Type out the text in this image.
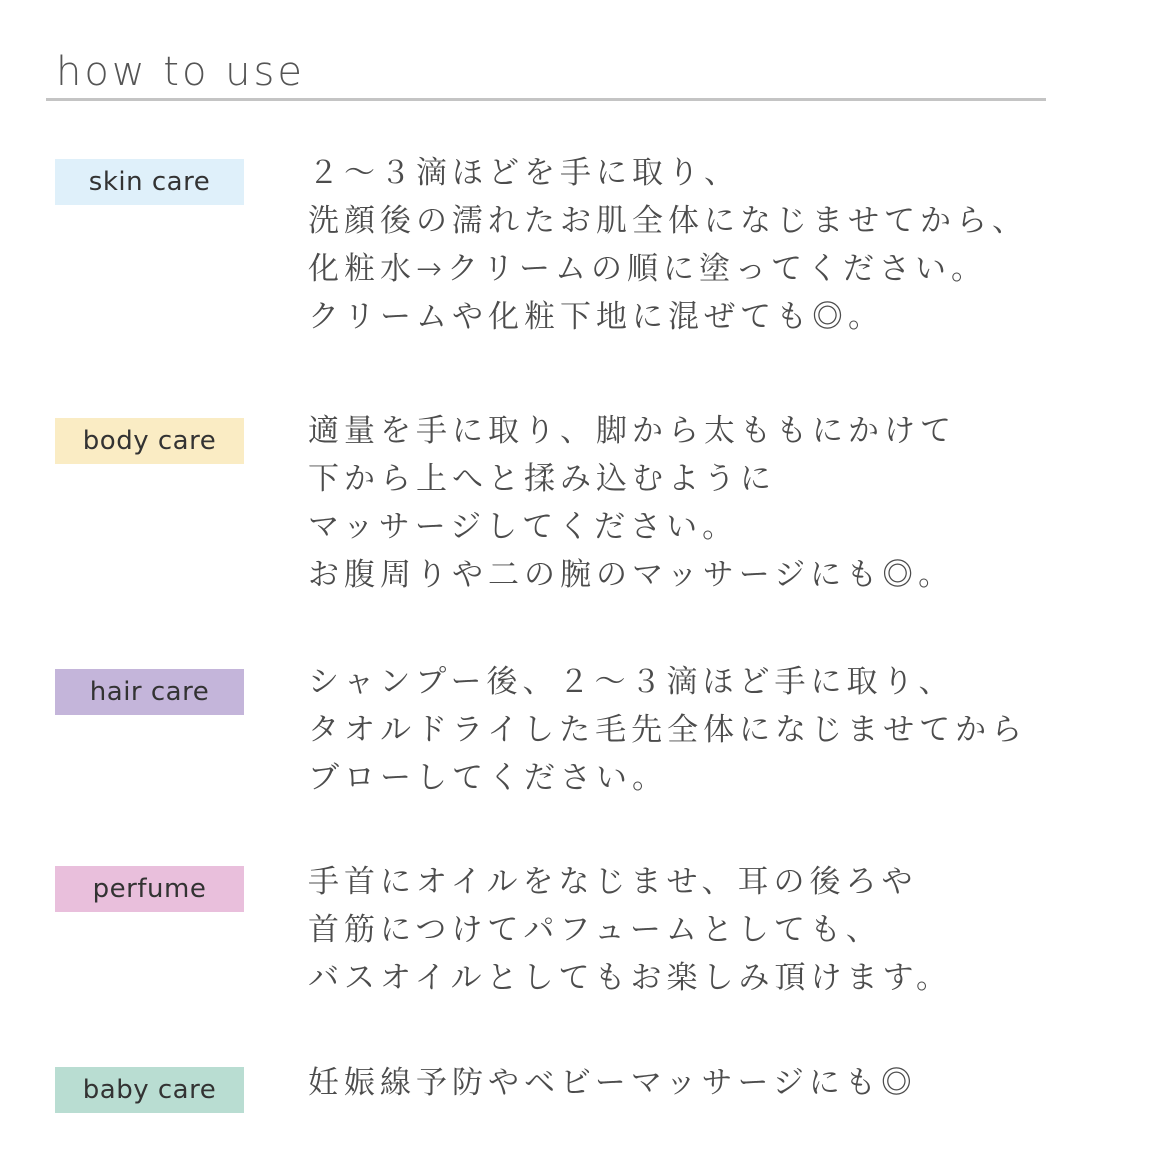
how to use
skin care	２～３滴ほどを手に取り、
洗顔後の濡れたお肌全体になじませてから、
化粧水→クリームの順に塗ってください。
クリームや化粧下地に混ぜても◎。
body care	適量を手に取り、脚から太ももにかけて
下から上へと揉み込むように
マッサージしてください。
お腹周りや二の腕のマッサージにも◎。
hair care	シャンプー後、２～３滴ほど手に取り、
タオルドライした毛先全体になじませてから
ブローしてください。
perfume	手首にオイルをなじませ、耳の後ろや
首筋につけてパフュームとしても、
バスオイルとしてもお楽しみ頂けます。
baby care	妊娠線予防やベビーマッサージにも◎
